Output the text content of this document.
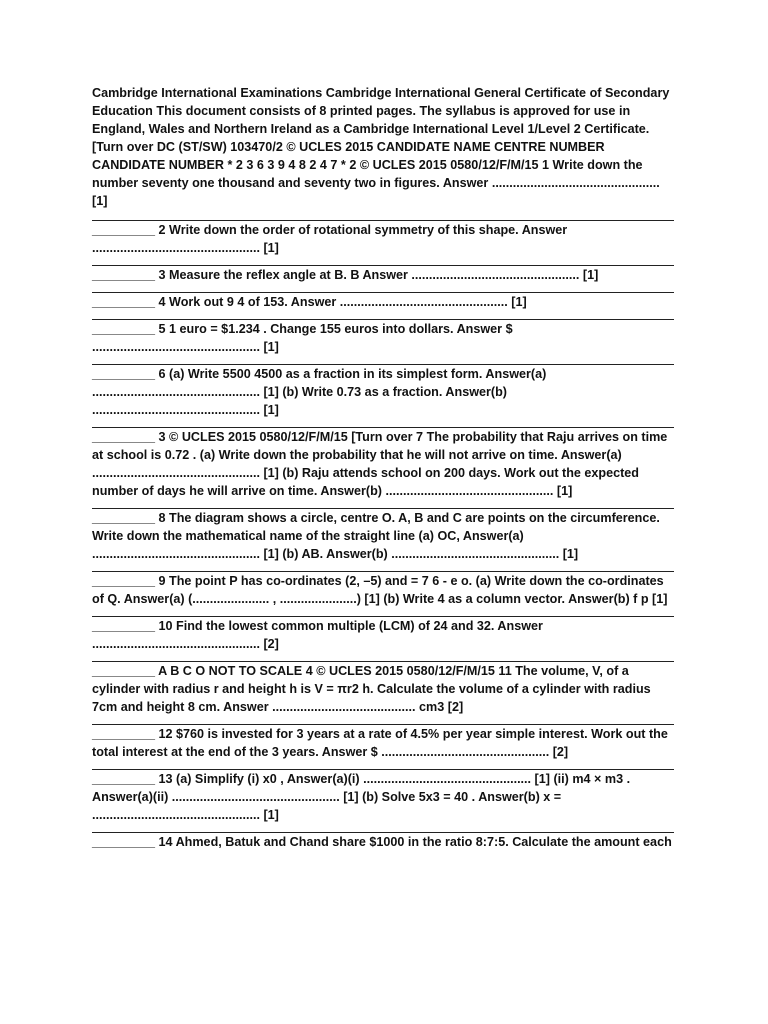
Cambridge International Examinations Cambridge International General Certificate of Secondary Education This document consists of 8 printed pages. The syllabus is approved for use in England, Wales and Northern Ireland as a Cambridge International Level 1/Level 2 Certificate. [Turn over DC (ST/SW) 103470/2 © UCLES 2015 CANDIDATE NAME CENTRE NUMBER CANDIDATE NUMBER * 2 3 6 3 9 4 8 2 4 7 * 2 © UCLES 2015 0580/12/F/M/15 1 Write down the number seventy one thousand and seventy two in figures. Answer ................................................ [1]

_________ 2 Write down the order of rotational symmetry of this shape. Answer ................................................ [1]

_________ 3 Measure the reflex angle at B. B Answer ................................................ [1]

_________ 4 Work out 9 4 of 153. Answer ................................................ [1]

_________ 5 1 euro = $1.234 . Change 155 euros into dollars. Answer $ ................................................ [1]

_________ 6 (a) Write 5500 4500 as a fraction in its simplest form. Answer(a) ................................................ [1] (b) Write 0.73 as a fraction. Answer(b) ................................................ [1]

_________ 3 © UCLES 2015 0580/12/F/M/15 [Turn over 7 The probability that Raju arrives on time at school is 0.72 . (a) Write down the probability that he will not arrive on time. Answer(a) ................................................ [1] (b) Raju attends school on 200 days. Work out the expected number of days he will arrive on time. Answer(b) ................................................ [1]

_________ 8 The diagram shows a circle, centre O. A, B and C are points on the circumference. Write down the mathematical name of the straight line (a) OC, Answer(a) ................................................ [1] (b) AB. Answer(b) ................................................ [1]

_________ 9 The point P has co-ordinates (2, –5) and = 7 6 - e o. (a) Write down the co-ordinates of Q. Answer(a) (...................... , ......................) [1] (b) Write 4 as a column vector. Answer(b) f p [1]

_________ 10 Find the lowest common multiple (LCM) of 24 and 32. Answer ................................................ [2]

_________ A B C O NOT TO SCALE 4 © UCLES 2015 0580/12/F/M/15 11 The volume, V, of a cylinder with radius r and height h is V = πr2 h. Calculate the volume of a cylinder with radius 7cm and height 8 cm. Answer ......................................... cm3 [2]

_________ 12 $760 is invested for 3 years at a rate of 4.5% per year simple interest. Work out the total interest at the end of the 3 years. Answer $ ................................................ [2]

_________ 13 (a) Simplify (i) x0 , Answer(a)(i) ................................................ [1] (ii) m4 × m3 . Answer(a)(ii) ................................................ [1] (b) Solve 5x3 = 40 . Answer(b) x = ................................................ [1]

_________ 14 Ahmed, Batuk and Chand share $1000 in the ratio 8:7:5. Calculate the amount each
